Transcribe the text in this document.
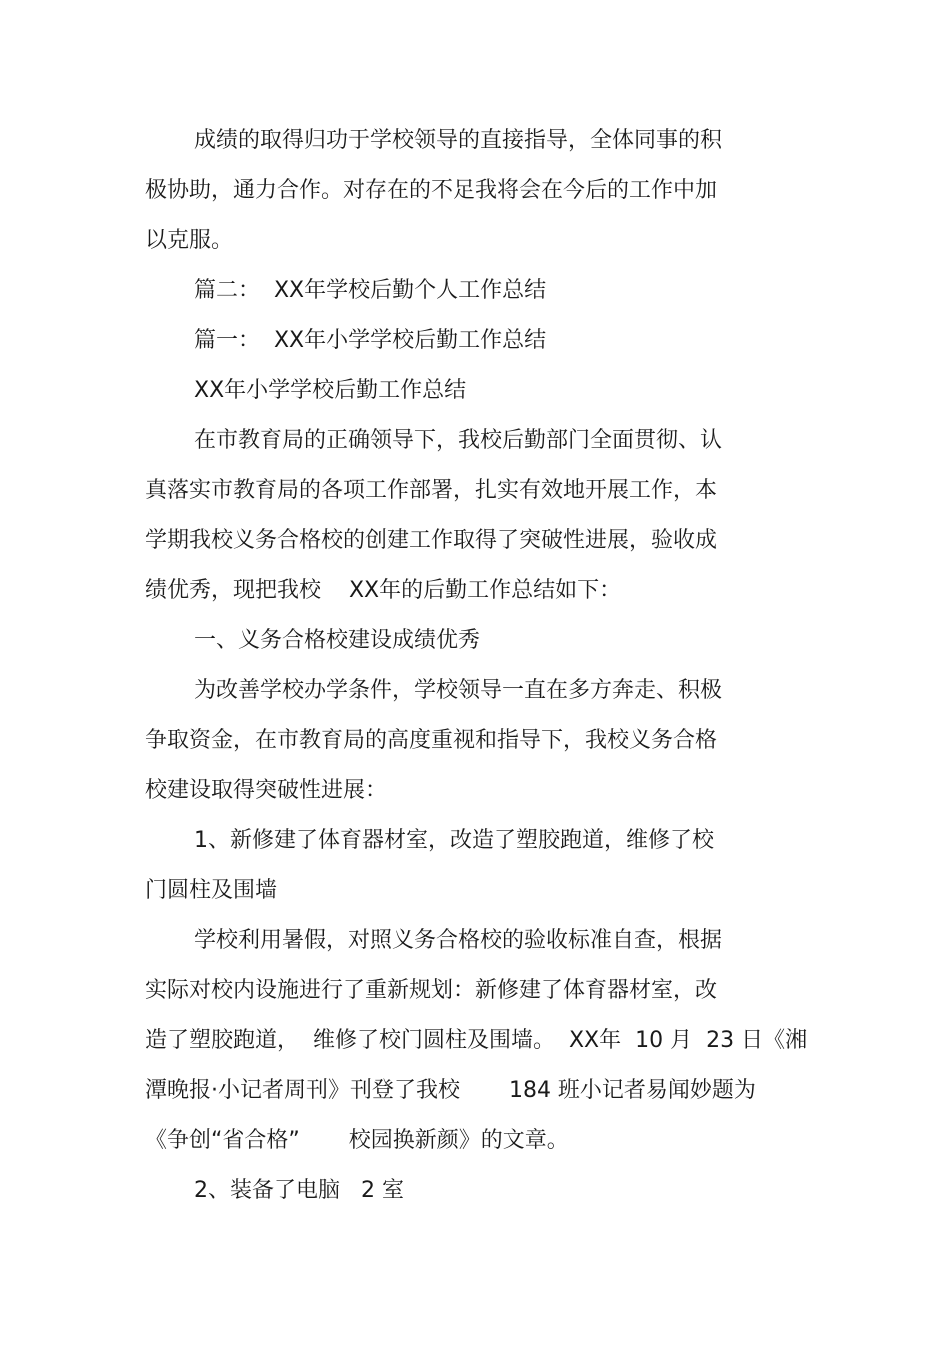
成绩的取得归功于学校领导的直接指导，全体同事的积

极协助，通力合作。对存在的不足我将会在今后的工作中加

以克服。

篇二：  XX年学校后勤个人工作总结

篇一：  XX年小学学校后勤工作总结

XX年小学学校后勤工作总结

在市教育局的正确领导下，我校后勤部门全面贯彻、认

真落实市教育局的各项工作部署，扎实有效地开展工作，本

学期我校义务合格校的创建工作取得了突破性进展，验收成

绩优秀，现把我校    XX年的后勤工作总结如下：

一、义务合格校建设成绩优秀

为改善学校办学条件，学校领导一直在多方奔走、积极

争取资金，在市教育局的高度重视和指导下，我校义务合格

校建设取得突破性进展：

1、新修建了体育器材室，改造了塑胶跑道，维修了校

门圆柱及围墙

学校利用暑假，对照义务合格校的验收标准自查，根据

实际对校内设施进行了重新规划：新修建了体育器材室，改

造了塑胶跑道，  维修了校门圆柱及围墙。  XX年  10 月  23 日《湘

潭晚报·小记者周刊》刊登了我校       184 班小记者易闻妙题为

《争创“省合格”       校园换新颜》的文章。

2、装备了电脑   2 室
